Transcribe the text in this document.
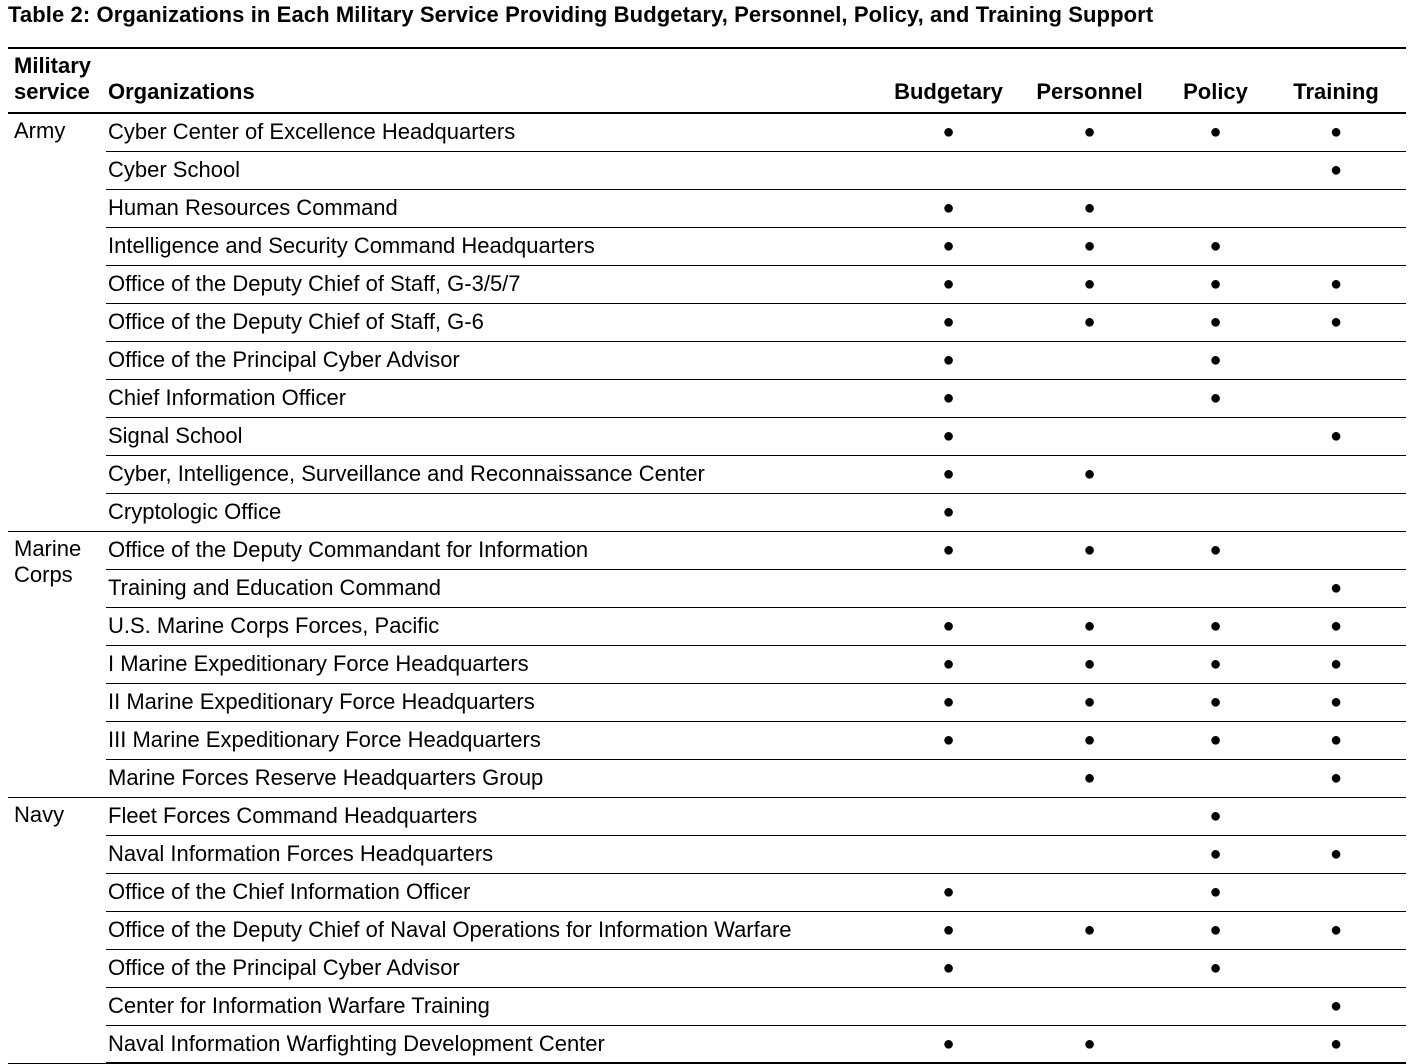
Table 2: Organizations in Each Military Service Providing Budgetary, Personnel, Policy, and Training Support
Military service	Organizations	Budgetary	Personnel	Policy	Training
Army	Cyber Center of Excellence Headquarters	●	●	●	●
	Cyber School				●
	Human Resources Command	●	●		
	Intelligence and Security Command Headquarters	●	●	●	
	Office of the Deputy Chief of Staff, G-3/5/7	●	●	●	●
	Office of the Deputy Chief of Staff, G-6	●	●	●	●
	Office of the Principal Cyber Advisor	●		●	
	Chief Information Officer	●		●	
	Signal School	●			●
	Cyber, Intelligence, Surveillance and Reconnaissance Center	●	●		
	Cryptologic Office	●			
Marine Corps	Office of the Deputy Commandant for Information	●	●	●	
	Training and Education Command				●
	U.S. Marine Corps Forces, Pacific	●	●	●	●
	I Marine Expeditionary Force Headquarters	●	●	●	●
	II Marine Expeditionary Force Headquarters	●	●	●	●
	III Marine Expeditionary Force Headquarters	●	●	●	●
	Marine Forces Reserve Headquarters Group		●		●
Navy	Fleet Forces Command Headquarters			●	
	Naval Information Forces Headquarters			●	●
	Office of the Chief Information Officer	●		●	
	Office of the Deputy Chief of Naval Operations for Information Warfare	●	●	●	●
	Office of the Principal Cyber Advisor	●		●	
	Center for Information Warfare Training				●
	Naval Information Warfighting Development Center	●	●		●
